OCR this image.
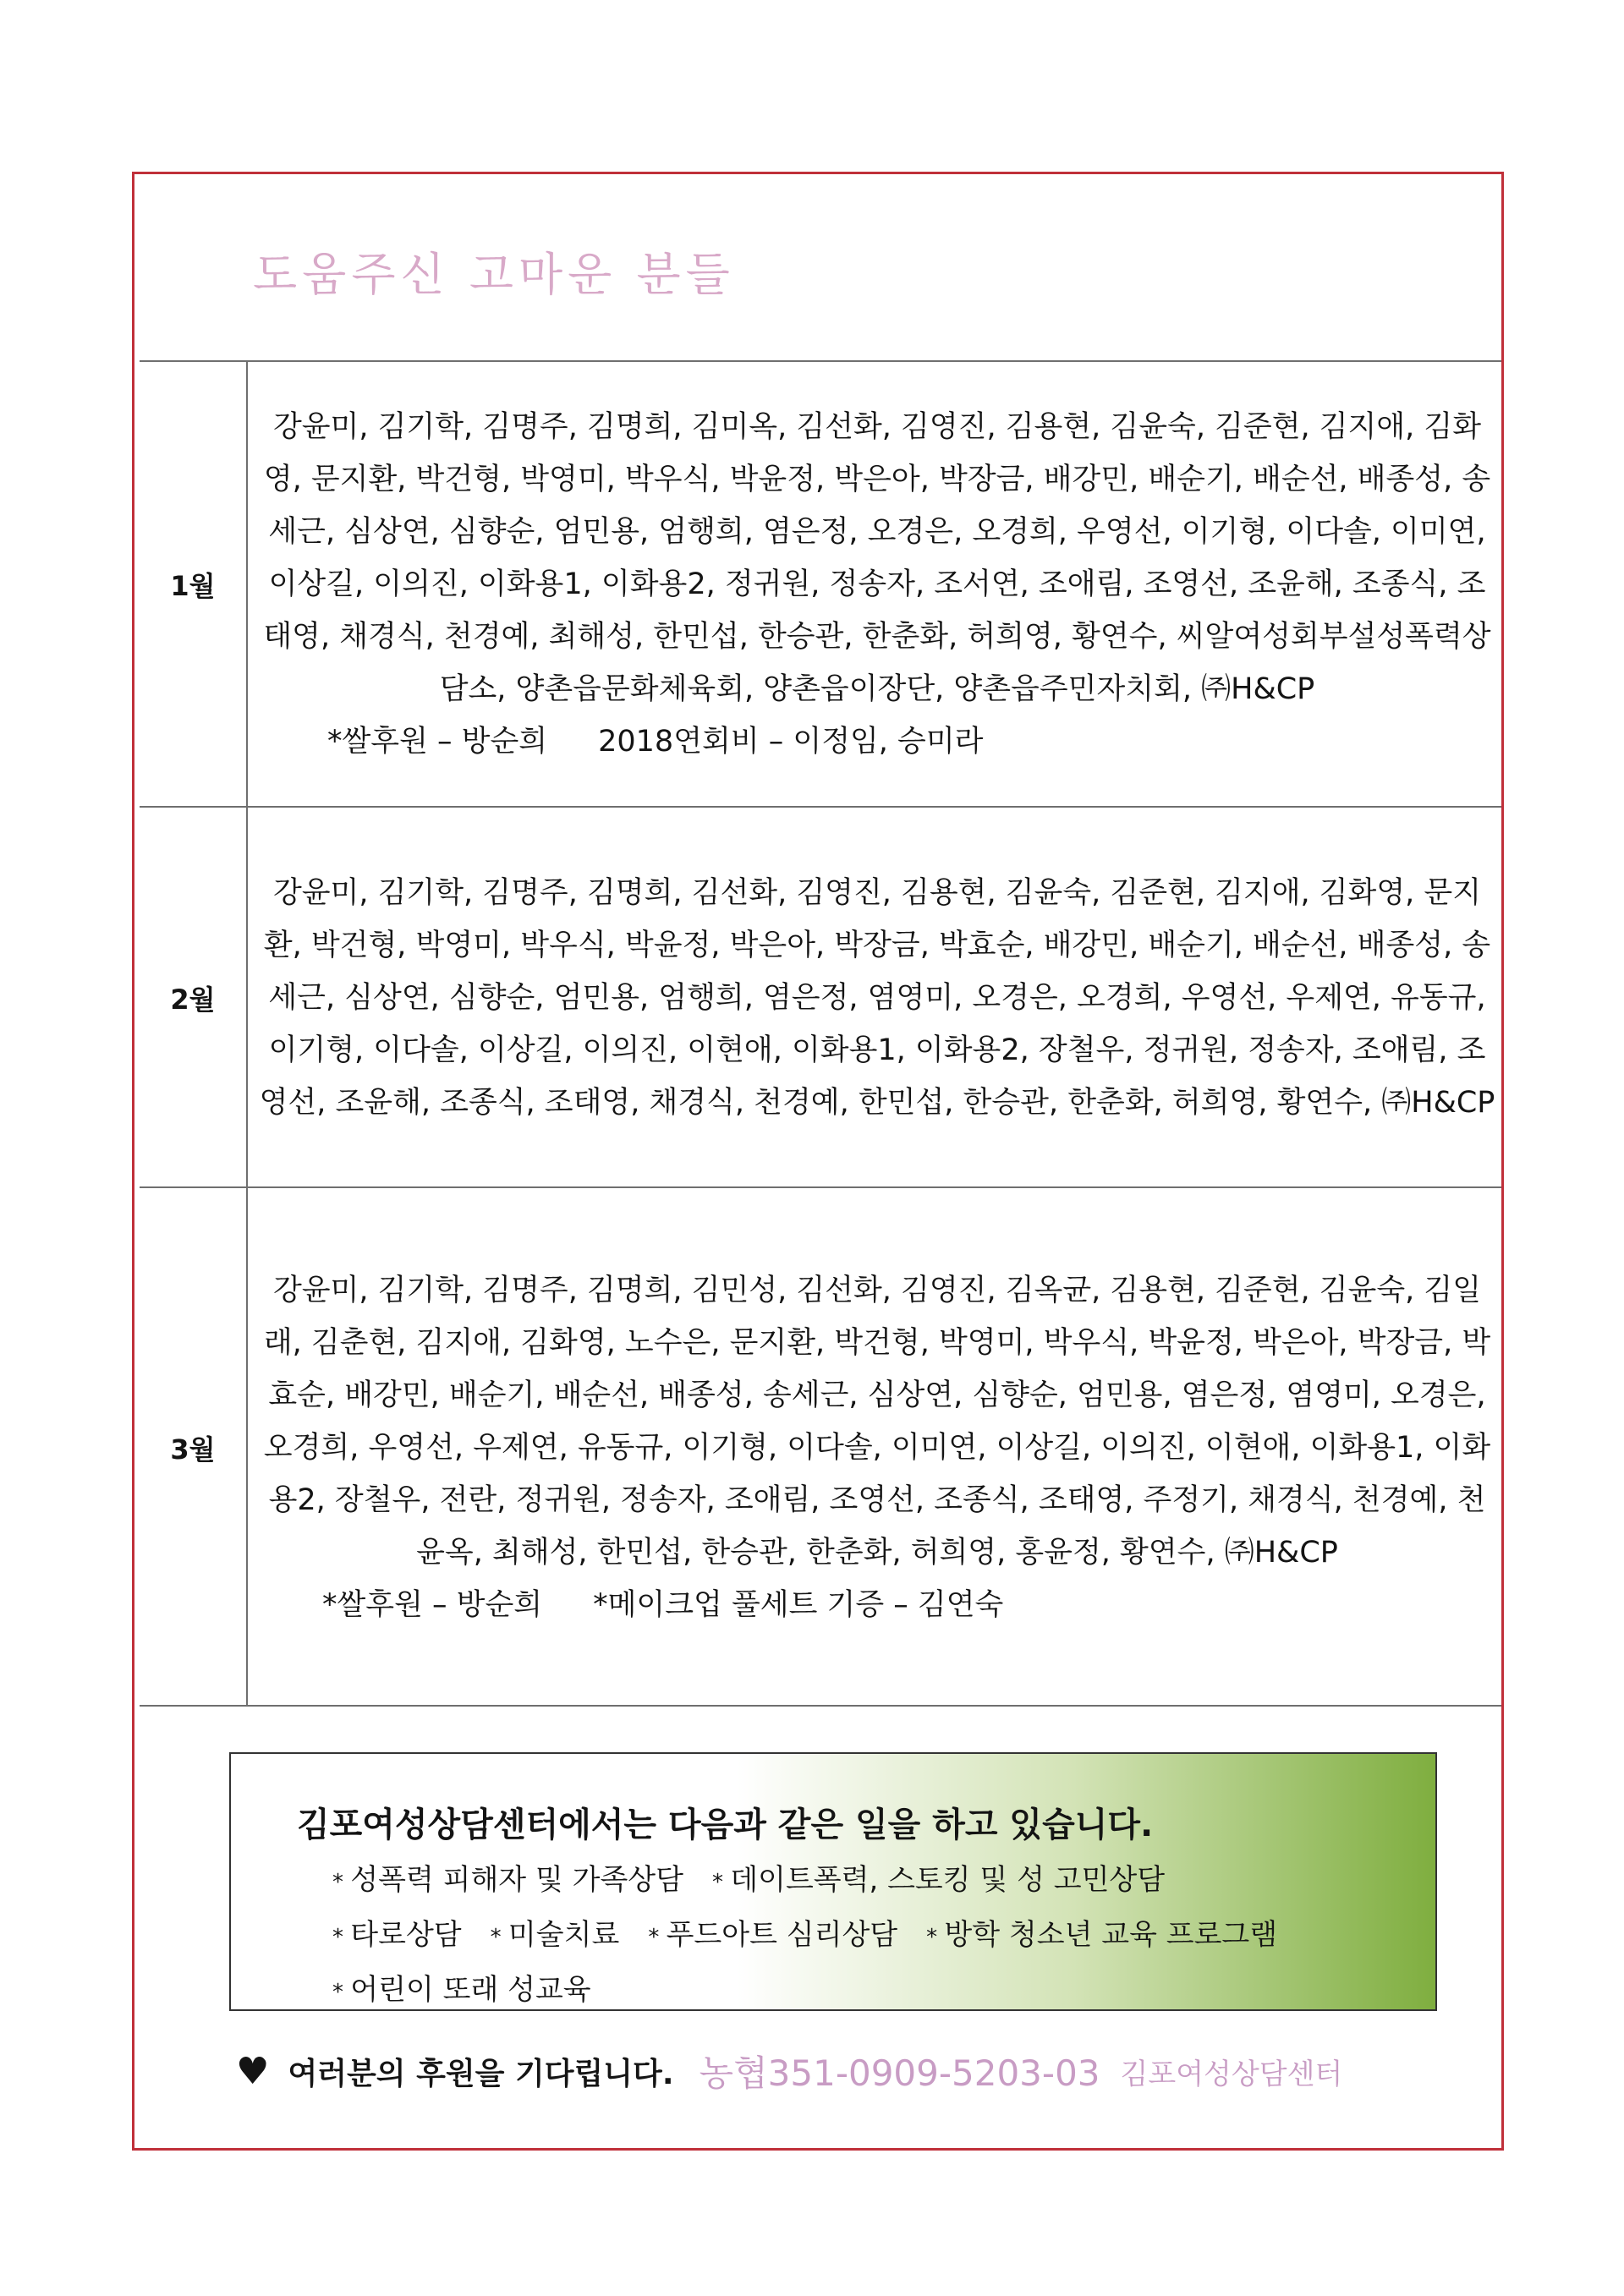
도움주신 고마운 분들
1월

강윤미, 김기학, 김명주, 김명희, 김미옥, 김선화, 김영진, 김용현, 김윤숙, 김준현, 김지애, 김화영, 문지환, 박건형, 박영미, 박우식, 박윤정, 박은아, 박장금, 배강민, 배순기, 배순선, 배종성, 송세근, 심상연, 심향순, 엄민용, 엄행희, 염은정, 오경은, 오경희, 우영선, 이기형, 이다솔, 이미연, 이상길, 이의진, 이화용1, 이화용2, 정귀원, 정송자, 조서연, 조애림, 조영선, 조윤해, 조종식, 조태영, 채경식, 천경예, 최해성, 한민섭, 한승관, 한춘화, 허희영, 황연수, 씨알여성회부설성폭력상담소, 양촌읍문화체육회, 양촌읍이장단, 양촌읍주민자치회, ㈜H&CP

*쌀후원 – 방순희 2018연회비 – 이정임, 승미라

2월

강윤미, 김기학, 김명주, 김명희, 김선화, 김영진, 김용현, 김윤숙, 김준현, 김지애, 김화영, 문지환, 박건형, 박영미, 박우식, 박윤정, 박은아, 박장금, 박효순, 배강민, 배순기, 배순선, 배종성, 송세근, 심상연, 심향순, 엄민용, 엄행희, 염은정, 염영미, 오경은, 오경희, 우영선, 우제연, 유동규, 이기형, 이다솔, 이상길, 이의진, 이현애, 이화용1, 이화용2, 장철우, 정귀원, 정송자, 조애림, 조영선, 조윤해, 조종식, 조태영, 채경식, 천경예, 한민섭, 한승관, 한춘화, 허희영, 황연수, ㈜H&CP

3월

강윤미, 김기학, 김명주, 김명희, 김민성, 김선화, 김영진, 김옥균, 김용현, 김준현, 김윤숙, 김일래, 김춘현, 김지애, 김화영, 노수은, 문지환, 박건형, 박영미, 박우식, 박윤정, 박은아, 박장금, 박효순, 배강민, 배순기, 배순선, 배종성, 송세근, 심상연, 심향순, 엄민용, 염은정, 염영미, 오경은, 오경희, 우영선, 우제연, 유동규, 이기형, 이다솔, 이미연, 이상길, 이의진, 이현애, 이화용1, 이화용2, 장철우, 전란, 정귀원, 정송자, 조애림, 조영선, 조종식, 조태영, 주정기, 채경식, 천경예, 천윤옥, 최해성, 한민섭, 한승관, 한춘화, 허희영, 홍윤정, 황연수, ㈜H&CP

*쌀후원 – 방순희 *메이크업 풀세트 기증 – 김연숙

김포여성상담센터에서는 다음과 같은 일을 하고 있습니다.
* 성폭력 피해자 및 가족상담 * 데이트폭력, 스토킹 및 성 고민상담
* 타로상담 * 미술치료 * 푸드아트 심리상담 * 방학 청소년 교육 프로그램
* 어린이 또래 성교육
♥ 여러분의 후원을 기다립니다. 농협351-0909-5203-03 김포여성상담센터
